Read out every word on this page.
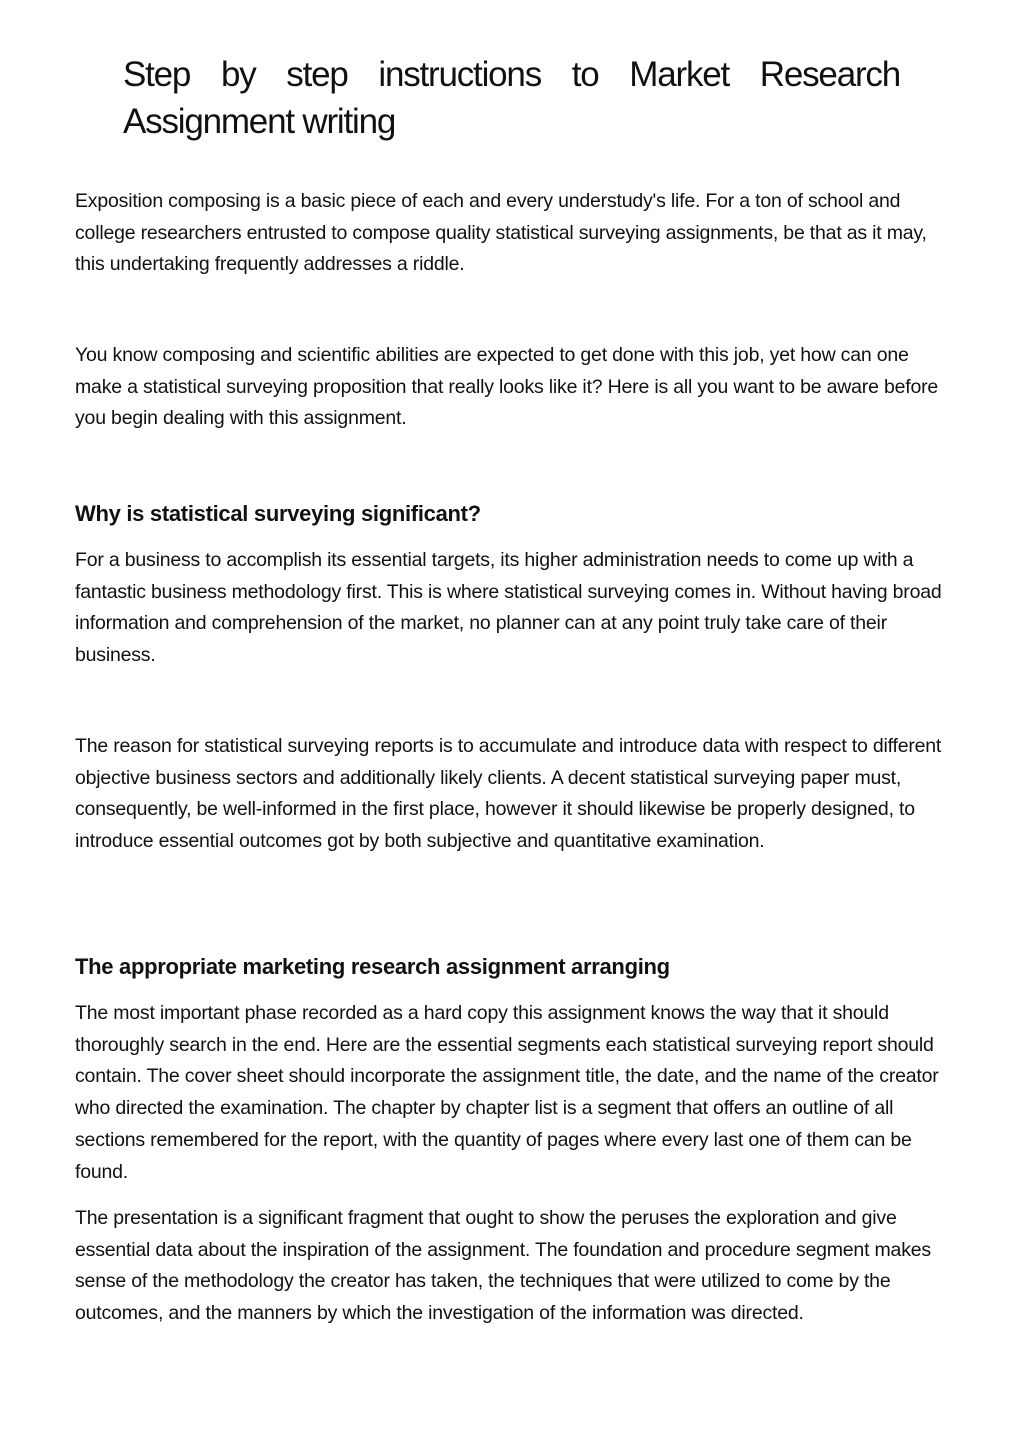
Step by step instructions to Market Research Assignment writing

Exposition composing is a basic piece of each and every understudy's life. For a ton of school and college researchers entrusted to compose quality statistical surveying assignments, be that as it may, this undertaking frequently addresses a riddle.

You know composing and scientific abilities are expected to get done with this job, yet how can one make a statistical surveying proposition that really looks like it? Here is all you want to be aware before you begin dealing with this assignment.

Why is statistical surveying significant?

For a business to accomplish its essential targets, its higher administration needs to come up with a fantastic business methodology first. This is where statistical surveying comes in. Without having broad information and comprehension of the market, no planner can at any point truly take care of their business.

The reason for statistical surveying reports is to accumulate and introduce data with respect to different objective business sectors and additionally likely clients. A decent statistical surveying paper must, consequently, be well-informed in the first place, however it should likewise be properly designed, to introduce essential outcomes got by both subjective and quantitative examination.

The appropriate marketing research assignment arranging

The most important phase recorded as a hard copy this assignment knows the way that it should thoroughly search in the end. Here are the essential segments each statistical surveying report should contain. The cover sheet should incorporate the assignment title, the date, and the name of the creator who directed the examination. The chapter by chapter list is a segment that offers an outline of all sections remembered for the report, with the quantity of pages where every last one of them can be found.

The presentation is a significant fragment that ought to show the peruses the exploration and give essential data about the inspiration of the assignment. The foundation and procedure segment makes sense of the methodology the creator has taken, the techniques that were utilized to come by the outcomes, and the manners by which the investigation of the information was directed.
